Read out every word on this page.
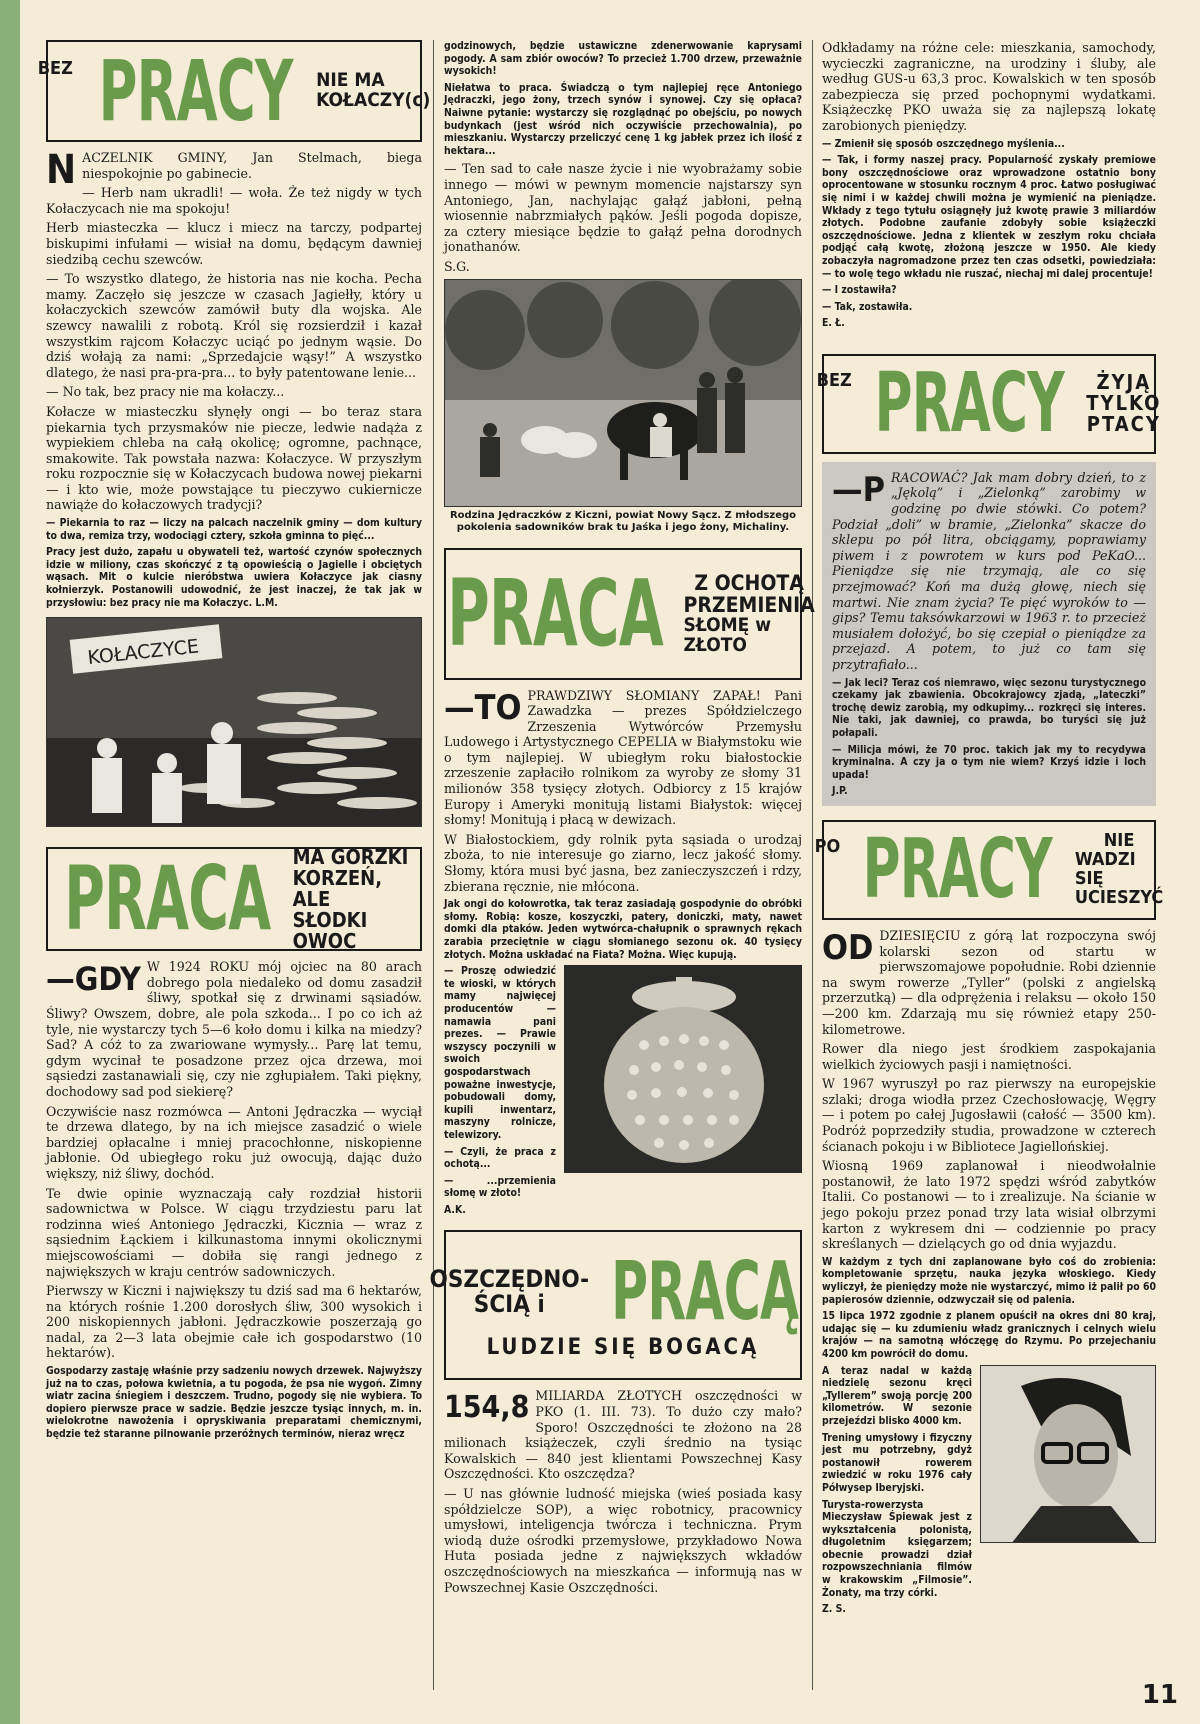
BEZ PRACY NIE MA
KOŁACZY(c)
N ACZELNIK GMINY, Jan Stelmach, biega niespokojnie po gabinecie.

— Herb nam ukradli! — woła. Że też nigdy w tych Kołaczycach nie ma spokoju!

Herb miasteczka — klucz i miecz na tarczy, podpartej biskupimi infułami — wisiał na domu, będącym dawniej siedzibą cechu szewców.

— To wszystko dlatego, że historia nas nie kocha. Pecha mamy. Zaczęło się jeszcze w czasach Jagiełły, który u kołaczyckich szewców zamówił buty dla wojska. Ale szewcy nawalili z robotą. Król się rozsierdził i kazał wszystkim rajcom Kołaczyc uciąć po jednym wąsie. Do dziś wołają za nami: „Sprzedajcie wąsy!” A wszystko dlatego, że nasi pra-pra-pra... to były patentowane lenie...

— No tak, bez pracy nie ma kołaczy...

Kołacze w miasteczku słynęły ongi — bo teraz stara piekarnia tych przysmaków nie piecze, ledwie nadąża z wypiekiem chleba na całą okolicę; ogromne, pachnące, smakowite. Tak powstała nazwa: Kołaczyce. W przyszłym roku rozpocznie się w Kołaczycach budowa nowej piekarni — i kto wie, może powstające tu pieczywo cukiernicze nawiąże do kołaczowych tradycji?

— Piekarnia to raz — liczy na palcach naczelnik gminy — dom kultury to dwa, remiza trzy, wodociągi cztery, szkoła gminna to pięć...

Pracy jest dużo, zapału u obywateli też, wartość czynów społecznych idzie w miliony, czas skończyć z tą opowieścią o Jagielle i obciętych wąsach. Mit o kulcie nieróbstwa uwiera Kołaczyce jak ciasny kołnierzyk. Postanowili udowodnić, że jest inaczej, że tak jak w przysłowiu: bez pracy nie ma Kołaczyc. L.M.

KOŁACZYCE
PRACA MA GORZKI
KORZEŃ, ALE
SŁODKI OWOC
—GDY W 1924 ROKU mój ojciec na 80 arach dobrego pola niedaleko od domu zasadził śliwy, spotkał się z drwinami sąsiadów. Śliwy? Owszem, dobre, ale pola szkoda... I po co ich aż tyle, nie wystarczy tych 5—6 koło domu i kilka na miedzy? Sad? A cóż to za zwariowane wymysły... Parę lat temu, gdym wycinał te posadzone przez ojca drzewa, moi sąsiedzi zastanawiali się, czy nie zgłupiałem. Taki piękny, dochodowy sad pod siekierę?

Oczywiście nasz rozmówca — Antoni Jędraczka — wyciął te drzewa dlatego, by na ich miejsce zasadzić o wiele bardziej opłacalne i mniej pracochłonne, niskopienne jabłonie. Od ubiegłego roku już owocują, dając dużo większy, niż śliwy, dochód.

Te dwie opinie wyznaczają cały rozdział historii sadownictwa w Polsce. W ciągu trzydziestu paru lat rodzinna wieś Antoniego Jędraczki, Kicznia — wraz z sąsiednim Łąckiem i kilkunastoma innymi okolicznymi miejscowościami — dobiła się rangi jednego z największych w kraju centrów sadowniczych.

Pierwszy w Kiczni i największy tu dziś sad ma 6 hektarów, na których rośnie 1.200 dorosłych śliw, 300 wysokich i 200 niskopiennych jabłoni. Jędraczkowie poszerzają go nadal, za 2—3 lata obejmie całe ich gospodarstwo (10 hektarów).

Gospodarzy zastaję właśnie przy sadzeniu nowych drzewek. Najwyższy już na to czas, połowa kwietnia, a tu pogoda, że psa nie wygoń. Zimny wiatr zacina śniegiem i deszczem. Trudno, pogody się nie wybiera. To dopiero pierwsze prace w sadzie. Będzie jeszcze tysiąc innych, m. in. wielokrotne nawożenia i opryskiwania preparatami chemicznymi, będzie też staranne pilnowanie przeróżnych terminów, nieraz wręcz

godzinowych, będzie ustawiczne zdenerwowanie kaprysami pogody. A sam zbiór owoców? To przecież 1.700 drzew, przeważnie wysokich!

Niełatwa to praca. Świadczą o tym najlepiej ręce Antoniego Jędraczki, jego żony, trzech synów i synowej. Czy się opłaca? Naiwne pytanie: wystarczy się rozglądnąć po obejściu, po nowych budynkach (jest wśród nich oczywiście przechowalnia), po mieszkaniu. Wystarczy przeliczyć cenę 1 kg jabłek przez ich ilość z hektara...

— Ten sad to całe nasze życie i nie wyobrażamy sobie innego — mówi w pewnym momencie najstarszy syn Antoniego, Jan, nachylając gałąź jabłoni, pełną wiosennie nabrzmiałych pąków. Jeśli pogoda dopisze, za cztery miesiące będzie to gałąź pełna dorodnych jonathanów.

S.G.

Rodzina Jędraczków z Kiczni, powiat Nowy Sącz. Z młodszego pokolenia sadowników brak tu Jaśka i jego żony, Michaliny.

PRACA Z OCHOTĄ
PRZEMIENIA
SŁOMĘ w ZŁOTO
—TO PRAWDZIWY SŁOMIANY ZAPAŁ! Pani Zawadzka — prezes Spółdzielczego Zrzeszenia Wytwórców Przemysłu Ludowego i Artystycznego CEPELIA w Białymstoku wie o tym najlepiej. W ubiegłym roku białostockie zrzeszenie zapłaciło rolnikom za wyroby ze słomy 31 milionów 358 tysięcy złotych. Odbiorcy z 15 krajów Europy i Ameryki monitują listami Białystok: więcej słomy! Monitują i płacą w dewizach.

W Białostockiem, gdy rolnik pyta sąsiada o urodzaj zboża, to nie interesuje go ziarno, lecz jakość słomy. Słomy, która musi być jasna, bez zanieczyszczeń i rdzy, zbierana ręcznie, nie młócona.

Jak ongi do kołowrotka, tak teraz zasiadają gospodynie do obróbki słomy. Robią: kosze, koszyczki, patery, doniczki, maty, nawet domki dla ptaków. Jeden wytwórca-chałupnik o sprawnych rękach zarabia przeciętnie w ciągu słomianego sezonu ok. 40 tysięcy złotych. Można uskładać na Fiata? Można. Więc kupują.

— Proszę odwiedzić te wioski, w których mamy najwięcej producentów — namawia pani prezes. — Prawie wszyscy poczynili w swoich gospodarstwach poważne inwestycje, pobudowali domy, kupili inwentarz, maszyny rolnicze, telewizory.

— Czyli, że praca z ochotą...

— ...przemienia słomę w złoto!

A.K.

OSZCZĘDNO-
ŚCIĄ i PRACĄ
LUDZIE SIĘ BOGACĄ
154,8 MILIARDA ZŁOTYCH oszczędności w PKO (1. III. 73). To dużo czy mało? Sporo! Oszczędności te złożono na 28 milionach książeczek, czyli średnio na tysiąc Kowalskich — 840 jest klientami Powszechnej Kasy Oszczędności. Kto oszczędza?

— U nas głównie ludność miejska (wieś posiada kasy spółdzielcze SOP), a więc robotnicy, pracownicy umysłowi, inteligencja twórcza i techniczna. Prym wiodą duże ośrodki przemysłowe, przykładowo Nowa Huta posiada jedne z największych wkładów oszczędnościowych na mieszkańca — informują nas w Powszechnej Kasie Oszczędności.

Odkładamy na różne cele: mieszkania, samochody, wycieczki zagraniczne, na urodziny i śluby, ale według GUS-u 63,3 proc. Kowalskich w ten sposób zabezpiecza się przed pochopnymi wydatkami. Książeczkę PKO uważa się za najlepszą lokatę zarobionych pieniędzy.

— Zmienił się sposób oszczędnego myślenia...

— Tak, i formy naszej pracy. Popularność zyskały premiowe bony oszczędnościowe oraz wprowadzone ostatnio bony oprocentowane w stosunku rocznym 4 proc. Łatwo posługiwać się nimi i w każdej chwili można je wymienić na pieniądze. Wkłady z tego tytułu osiągnęły już kwotę prawie 3 miliardów złotych. Podobne zaufanie zdobyły sobie książeczki oszczędnościowe. Jedna z klientek w zeszłym roku chciała podjąć całą kwotę, złożoną jeszcze w 1950. Ale kiedy zobaczyła nagromadzone przez ten czas odsetki, powiedziała: — to wolę tego wkładu nie ruszać, niechaj mi dalej procentuje!

— I zostawiła?

— Tak, zostawiła.

E. Ł.

BEZ PRACY ŻYJĄ
TYLKO
PTACY
—P RACOWAĆ? Jak mam dobry dzień, to z „Jękolą” i „Zielonką” zarobimy w godzinę po dwie stówki. Co potem? Podział „doli” w bramie, „Zielonka” skacze do sklepu po pół litra, obciągamy, poprawiamy piwem i z powrotem w kurs pod PeKaO... Pieniądze się nie trzymają, ale co się przejmować? Koń ma dużą głowę, niech się martwi. Nie znam życia? Te pięć wyroków to — gips? Temu taksówkarzowi w 1963 r. to przecież musiałem dołożyć, bo się czepiał o pieniądze za przejazd. A potem, to już co tam się przytrafiało...

— Jak leci? Teraz coś niemrawo, więc sezonu turystycznego czekamy jak zbawienia. Obcokrajowcy zjadą, „lateczki” trochę dewiz zarobią, my odkupimy... rozkręci się interes. Nie taki, jak dawniej, co prawda, bo turyści się już połapali.

— Milicja mówi, że 70 proc. takich jak my to recydywa kryminalna. A czy ja o tym nie wiem? Krzyś idzie i loch upada!

J.P.

PO PRACY	NIE
WADZI SIĘ
UCIESZYĆ
OD DZIESIĘCIU z górą lat rozpoczyna swój kolarski sezon od startu w pierwszomajowe popołudnie. Robi dziennie na swym rowerze „Tyller” (polski z angielską przerzutką) — dla odprężenia i relaksu — około 150—200 km. Zdarzają mu się również etapy 250-kilometrowe.

Rower dla niego jest środkiem zaspokajania wielkich życiowych pasji i namiętności.

W 1967 wyruszył po raz pierwszy na europejskie szlaki; droga wiodła przez Czechosłowację, Węgry — i potem po całej Jugosławii (całość — 3500 km). Podróż poprzedziły studia, prowadzone w czterech ścianach pokoju i w Bibliotece Jagiellońskiej.

Wiosną 1969 zaplanował i nieodwołalnie postanowił, że lato 1972 spędzi wśród zabytków Italii. Co postanowi — to i zrealizuje. Na ścianie w jego pokoju przez ponad trzy lata wisiał olbrzymi karton z wykresem dni — codziennie po pracy skreślanych — dzielących go od dnia wyjazdu.

W każdym z tych dni zaplanowane było coś do zrobienia: kompletowanie sprzętu, nauka języka włoskiego. Kiedy wyliczył, że pieniędzy może nie wystarczyć, mimo iż palił po 60 papierosów dziennie, odzwyczaił się od palenia.

15 lipca 1972 zgodnie z planem opuścił na okres dni 80 kraj, udając się — ku zdumieniu władz granicznych i celnych wielu krajów — na samotną włóczęgę do Rzymu. Po przejechaniu 4200 km powrócił do domu.

A teraz nadal w każdą niedzielę sezonu kręci „Tyllerem” swoją porcję 200 kilometrów. W sezonie przejeździ blisko 4000 km.

Trening umysłowy i fizyczny jest mu potrzebny, gdyż postanowił rowerem zwiedzić w roku 1976 cały Półwysep Iberyjski.

Turysta-rowerzysta Mieczysław Śpiewak jest z wykształcenia polonistą, długoletnim księgarzem; obecnie prowadzi dział rozpowszechniania filmów w krakowskim „Filmosie”. Żonaty, ma trzy córki.

Z. S.

11
